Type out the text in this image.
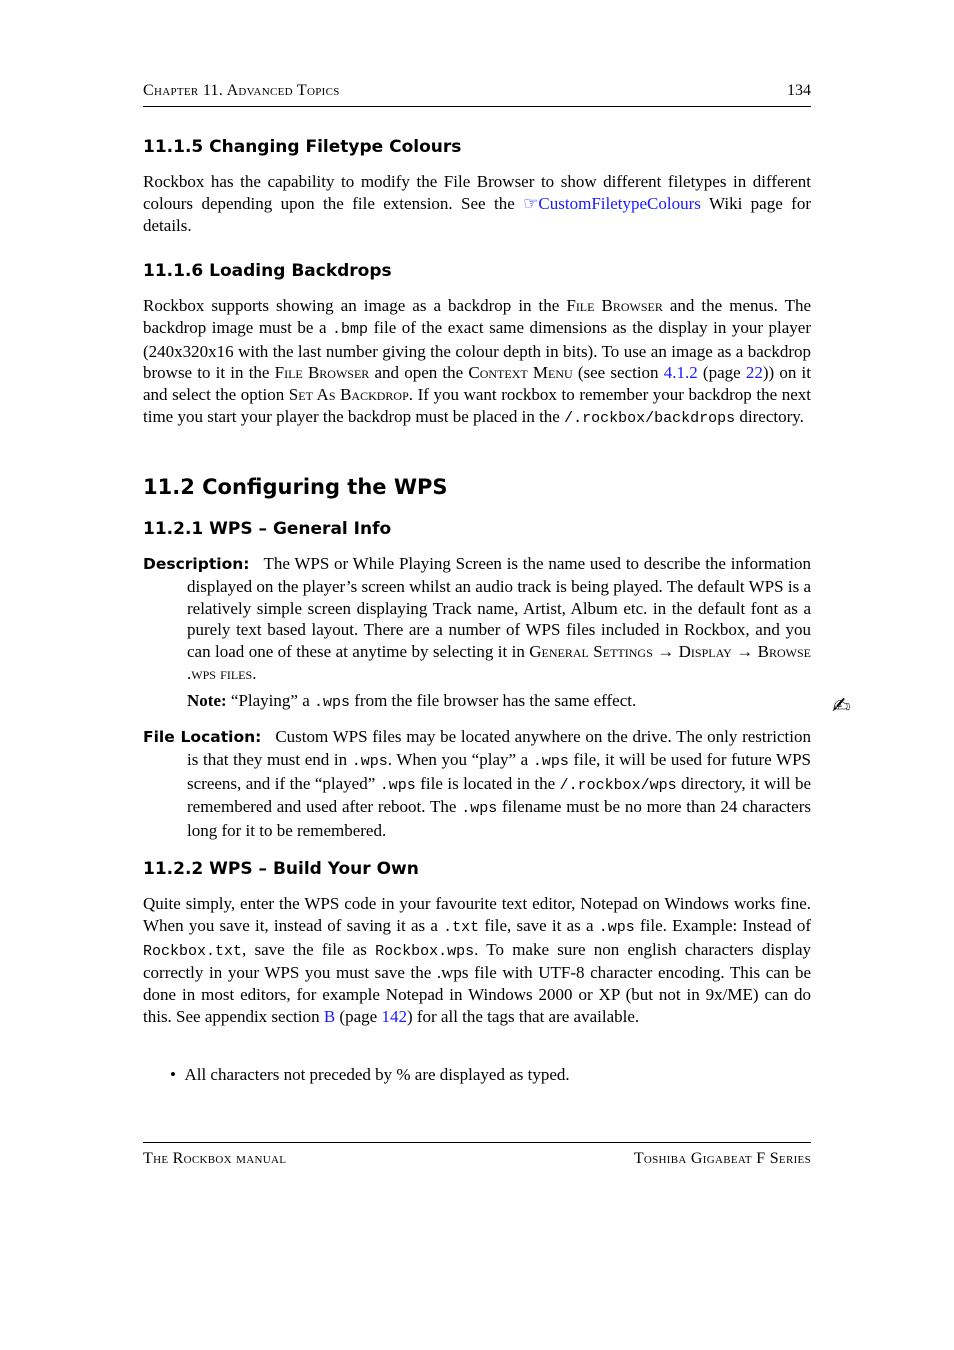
Chapter 11. Advanced Topics	134
11.1.5 Changing Filetype Colours
Rockbox has the capability to modify the File Browser to show different filetypes in different colours depending upon the file extension. See the ☞CustomFiletypeColours Wiki page for details.
11.1.6 Loading Backdrops
Rockbox supports showing an image as a backdrop in the File Browser and the menus. The backdrop image must be a .bmp file of the exact same dimensions as the display in your player (240x320x16 with the last number giving the colour depth in bits). To use an image as a backdrop browse to it in the File Browser and open the Context Menu (see section 4.1.2 (page 22)) on it and select the option Set As Backdrop. If you want rockbox to remember your backdrop the next time you start your player the backdrop must be placed in the /.rockbox/backdrops directory.
11.2 Configuring the WPS
11.2.1 WPS – General Info
Description: The WPS or While Playing Screen is the name used to describe the information displayed on the player’s screen whilst an audio track is being played. The default WPS is a relatively simple screen displaying Track name, Artist, Album etc. in the default font as a purely text based layout. There are a number of WPS files included in Rockbox, and you can load one of these at anytime by selecting it in General Settings → Display → Browse .wps files.
Note: “Playing” a .wps from the file browser has the same effect.	✍
File Location: Custom WPS files may be located anywhere on the drive. The only restriction is that they must end in .wps. When you “play” a .wps file, it will be used for future WPS screens, and if the “played” .wps file is located in the /.rockbox/wps directory, it will be remembered and used after reboot. The .wps filename must be no more than 24 characters long for it to be remembered.
11.2.2 WPS – Build Your Own
Quite simply, enter the WPS code in your favourite text editor, Notepad on Windows works fine. When you save it, instead of saving it as a .txt file, save it as a .wps file. Example: Instead of Rockbox.txt, save the file as Rockbox.wps. To make sure non english characters display correctly in your WPS you must save the .wps file with UTF-8 character encoding. This can be done in most editors, for example Notepad in Windows 2000 or XP (but not in 9x/ME) can do this. See appendix section B (page 142) for all the tags that are available.
• All characters not preceded by % are displayed as typed.
The Rockbox manual	Toshiba Gigabeat F Series
